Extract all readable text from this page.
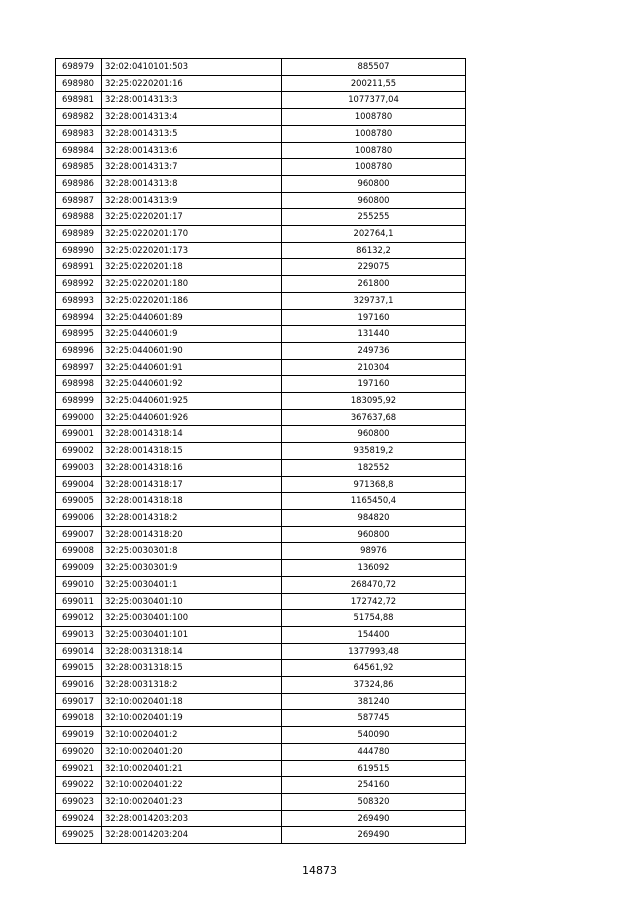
698979	32:02:0410101:503	885507
698980	32:25:0220201:16	200211,55
698981	32:28:0014313:3	1077377,04
698982	32:28:0014313:4	1008780
698983	32:28:0014313:5	1008780
698984	32:28:0014313:6	1008780
698985	32:28:0014313:7	1008780
698986	32:28:0014313:8	960800
698987	32:28:0014313:9	960800
698988	32:25:0220201:17	255255
698989	32:25:0220201:170	202764,1
698990	32:25:0220201:173	86132,2
698991	32:25:0220201:18	229075
698992	32:25:0220201:180	261800
698993	32:25:0220201:186	329737,1
698994	32:25:0440601:89	197160
698995	32:25:0440601:9	131440
698996	32:25:0440601:90	249736
698997	32:25:0440601:91	210304
698998	32:25:0440601:92	197160
698999	32:25:0440601:925	183095,92
699000	32:25:0440601:926	367637,68
699001	32:28:0014318:14	960800
699002	32:28:0014318:15	935819,2
699003	32:28:0014318:16	182552
699004	32:28:0014318:17	971368,8
699005	32:28:0014318:18	1165450,4
699006	32:28:0014318:2	984820
699007	32:28:0014318:20	960800
699008	32:25:0030301:8	98976
699009	32:25:0030301:9	136092
699010	32:25:0030401:1	268470,72
699011	32:25:0030401:10	172742,72
699012	32:25:0030401:100	51754,88
699013	32:25:0030401:101	154400
699014	32:28:0031318:14	1377993,48
699015	32:28:0031318:15	64561,92
699016	32:28:0031318:2	37324,86
699017	32:10:0020401:18	381240
699018	32:10:0020401:19	587745
699019	32:10:0020401:2	540090
699020	32:10:0020401:20	444780
699021	32:10:0020401:21	619515
699022	32:10:0020401:22	254160
699023	32:10:0020401:23	508320
699024	32:28:0014203:203	269490
699025	32:28:0014203:204	269490
14873
